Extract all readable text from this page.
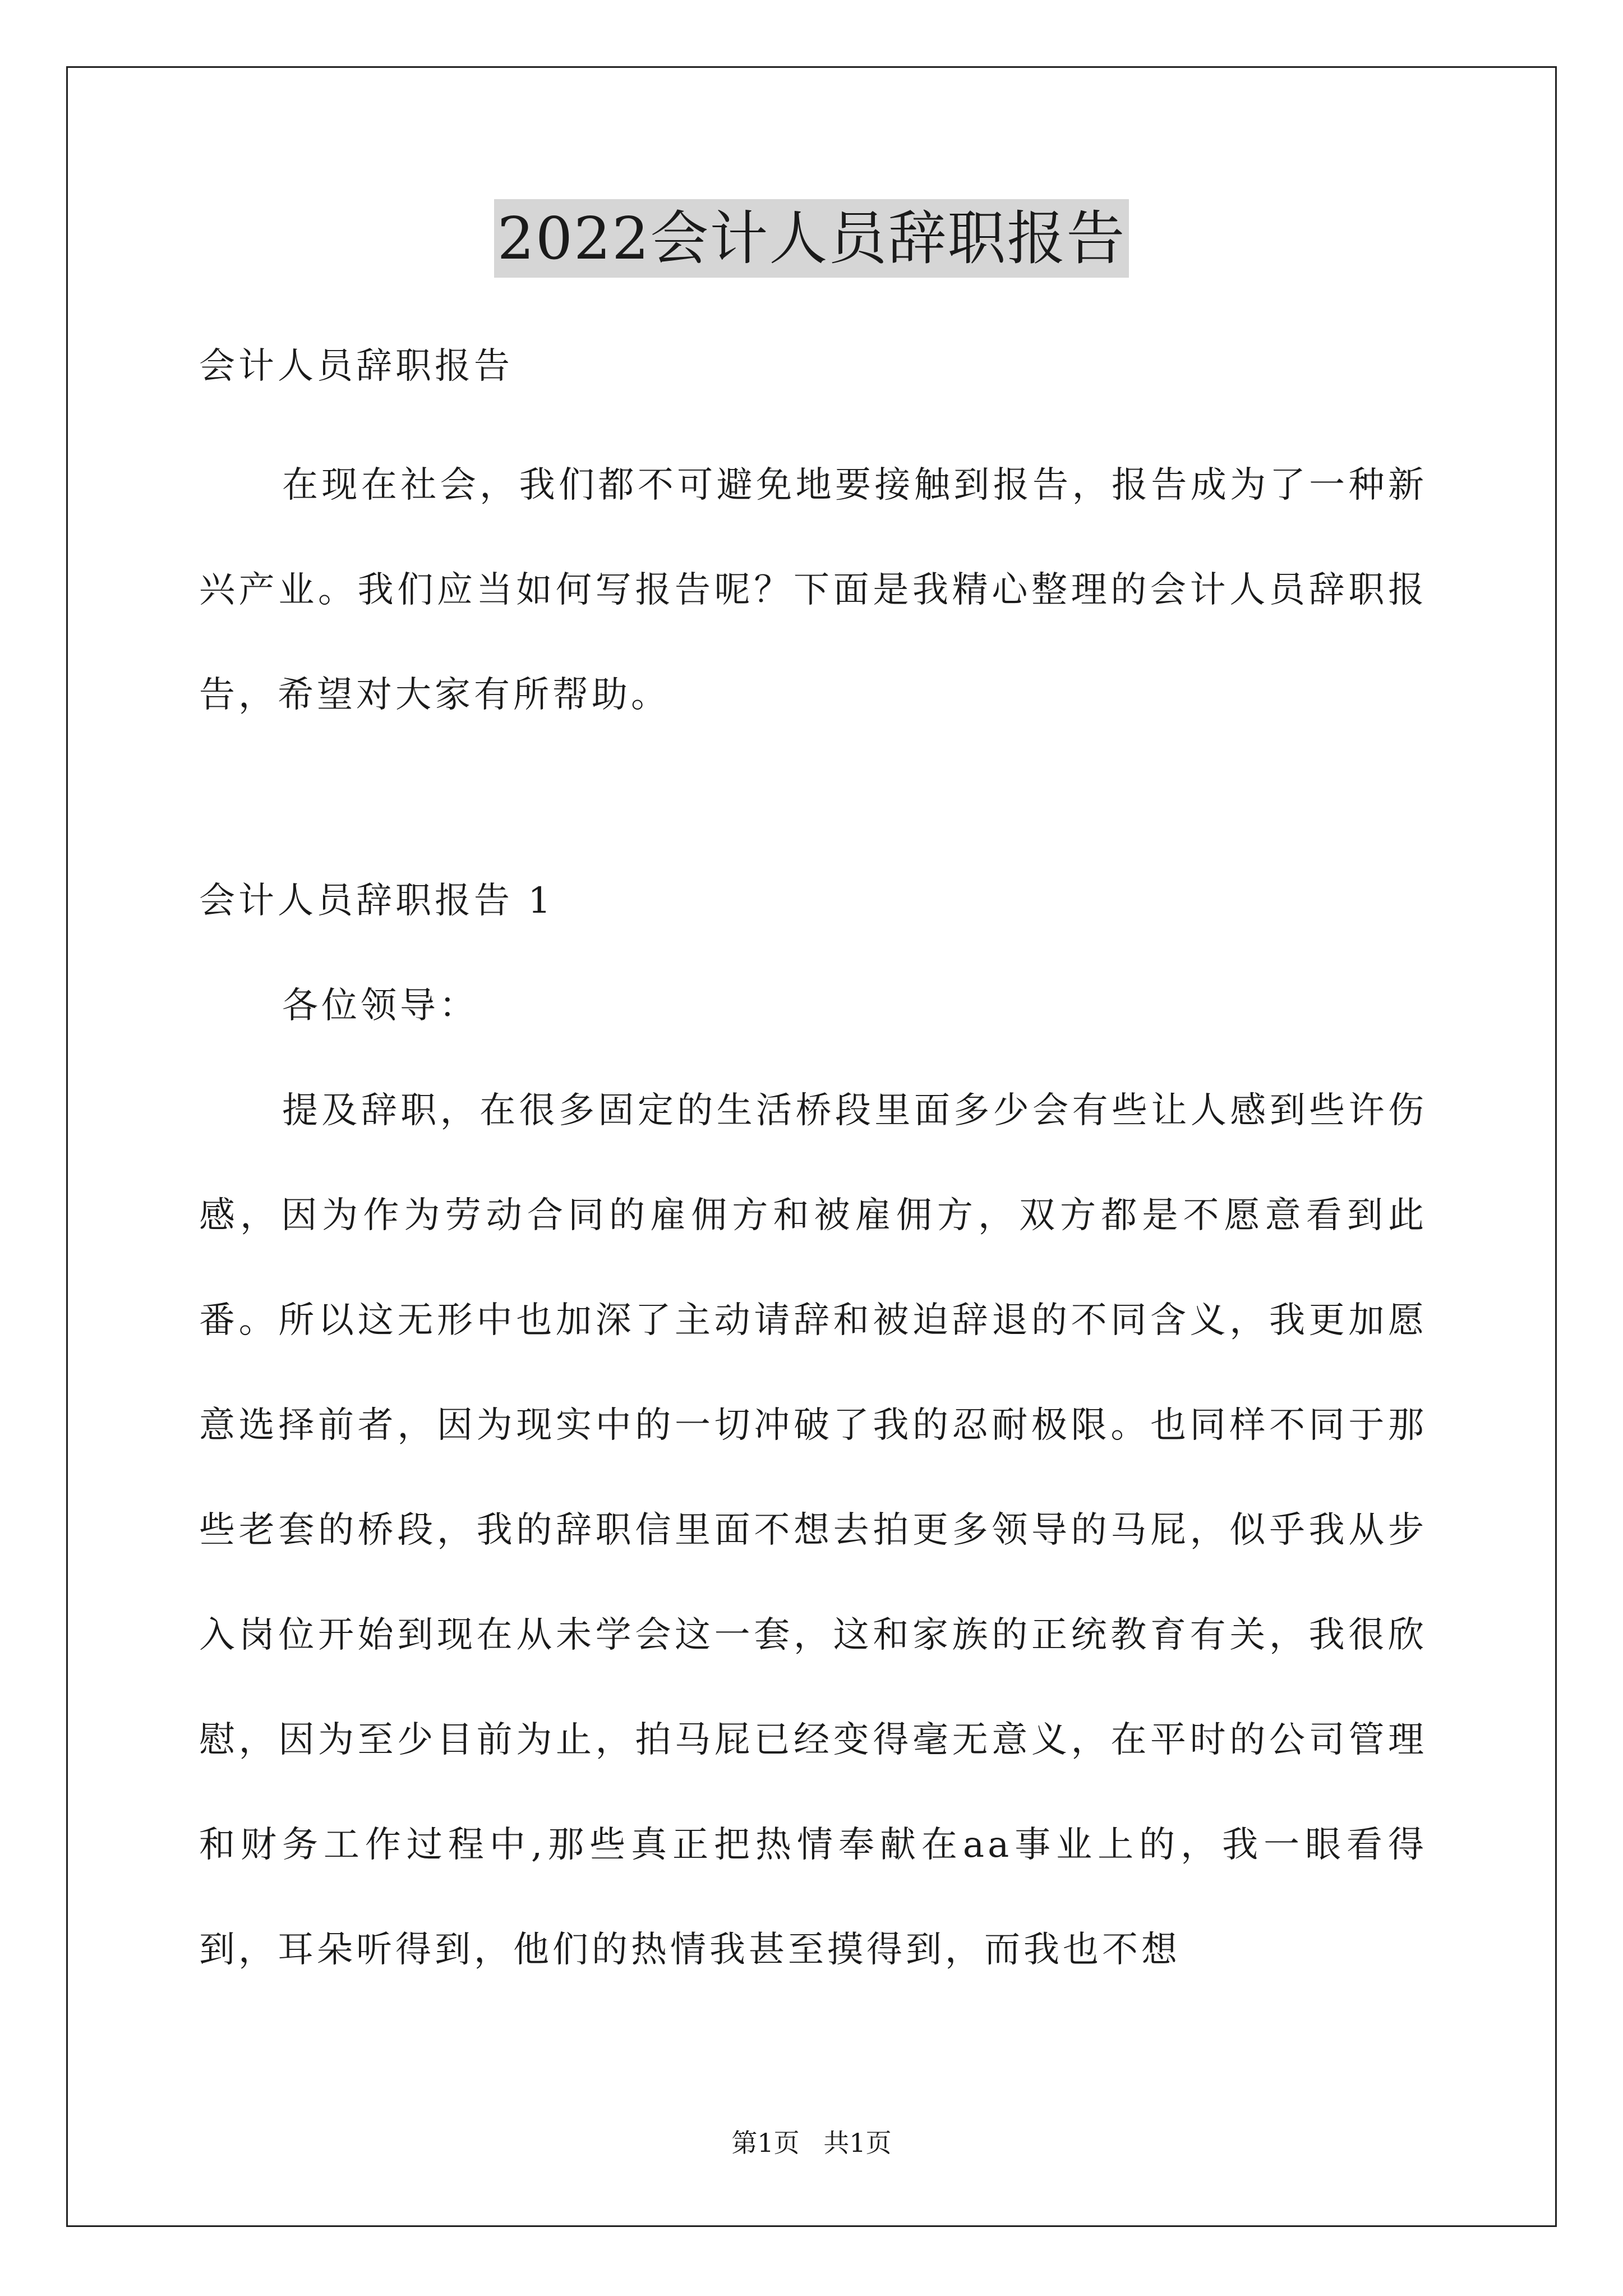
2022会计人员辞职报告

会计人员辞职报告

在现在社会，我们都不可避免地要接触到报告，报告成为了一种新兴产业。我们应当如何写报告呢？下面是我精心整理的会计人员辞职报告，希望对大家有所帮助。

会计人员辞职报告 1

各位领导：

提及辞职，在很多固定的生活桥段里面多少会有些让人感到些许伤感，因为作为劳动合同的雇佣方和被雇佣方，双方都是不愿意看到此番。所以这无形中也加深了主动请辞和被迫辞退的不同含义，我更加愿意选择前者，因为现实中的一切冲破了我的忍耐极限。也同样不同于那些老套的桥段，我的辞职信里面不想去拍更多领导的马屁，似乎我从步入岗位开始到现在从未学会这一套，这和家族的正统教育有关，我很欣慰，因为至少目前为止，拍马屁已经变得毫无意义，在平时的公司管理和财务工作过程中,那些真正把热情奉献在aa事业上的，我一眼看得到，耳朵听得到，他们的热情我甚至摸得到，而我也不想

第1页 共1页
